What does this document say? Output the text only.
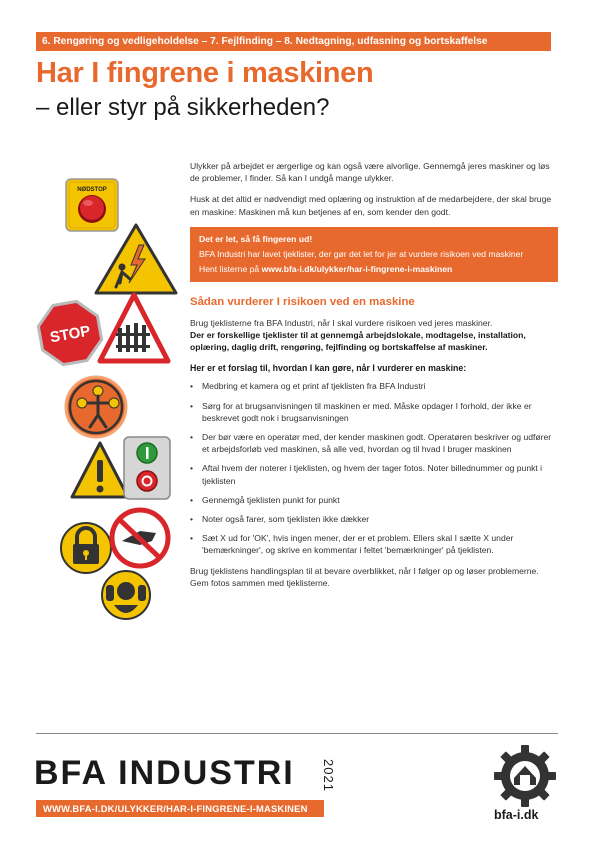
6. Rengøring og vedligeholdelse – 7. Fejlfinding – 8. Nedtagning, udfasning og bortskaffelse
Har I fingrene i maskinen
– eller styr på sikkerheden?
NØDSTOP
STOP

Ulykker på arbejdet er ærgerlige og kan også være alvorlige. Gennemgå jeres maskiner og løs de problemer, I finder. Så kan I undgå mange ulykker.

Husk at det altid er nødvendigt med oplæring og instruktion af de medarbejdere, der skal bruge en maskine: Maskinen må kun betjenes af en, som kender den godt.

Det er let, så få fingeren ud!
BFA Industri har lavet tjeklister, der gør det let for jer at vurdere risikoen ved maskiner
Hent listerne på www.bfa-i.dk/ulykker/har-i-fingrene-i-maskinen
Sådan vurderer I risikoen ved en maskine

Brug tjeklisterne fra BFA Industri, når I skal vurdere risikoen ved jeres maskiner.
Der er forskellige tjeklister til at gennemgå arbejdslokale, modtagelse, installation, oplæring, daglig drift, rengøring, fejlfinding og bortskaffelse af maskiner.

Her er et forslag til, hvordan I kan gøre, når I vurderer en maskine:
• Medbring et kamera og et print af tjeklisten fra BFA Industri
• Sørg for at brugsanvisningen til maskinen er med. Måske opdager I forhold, der ikke er beskrevet godt nok i brugsanvisningen
• Der bør være en operatør med, der kender maskinen godt. Operatøren beskriver og udfører et arbejdsforløb ved maskinen, så alle ved, hvordan og til hvad I bruger maskinen
• Aftal hvem der noterer i tjeklisten, og hvem der tager fotos. Noter billednummer og punkt i tjeklisten
• Gennemgå tjeklisten punkt for punkt
• Noter også farer, som tjeklisten ikke dækker
• Sæt X ud for 'OK', hvis ingen mener, der er et problem. Ellers skal I sætte X under 'bemærkninger', og skrive en kommentar i feltet 'bemærkninger' på tjeklisten.

Brug tjeklistens handlingsplan til at bevare overblikket, når I følger op og løser problemerne. Gem fotos sammen med tjeklisterne.

BFA INDUSTRI 2021
WWW.BFA-I.DK/ULYKKER/HAR-I-FINGRENE-I-MASKINEN	bfa-i.dk
